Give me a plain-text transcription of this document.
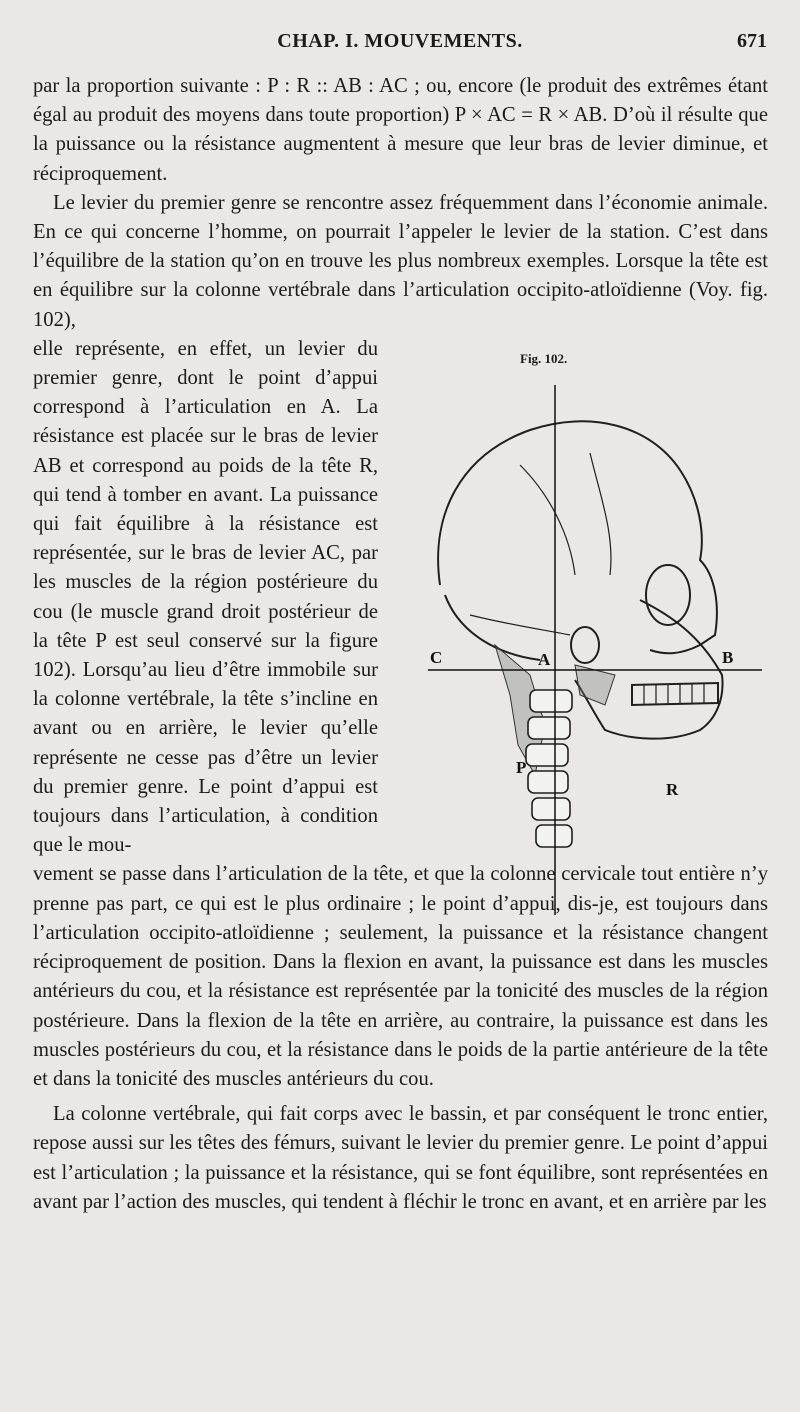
CHAP. I. MOUVEMENTS.	671

par la proportion suivante : P : R :: AB : AC ; ou, encore (le produit des extrêmes étant égal au produit des moyens dans toute proportion) P × AC = R × AB. D’où il résulte que la puissance ou la résistance augmentent à mesure que leur bras de levier diminue, et réciproquement.

Le levier du premier genre se rencontre assez fréquemment dans l’économie animale. En ce qui concerne l’homme, on pourrait l’appeler le levier de la station. C’est dans l’équilibre de la station qu’on en trouve les plus nombreux exemples. Lorsque la tête est en équilibre sur la colonne vertébrale dans l’articulation occipito-atloïdienne (Voy. fig. 102),

elle représente, en effet, un levier du premier genre, dont le point d’appui correspond à l’articulation en A. La résistance est placée sur le bras de levier AB et correspond au poids de la tête R, qui tend à tomber en avant. La puissance qui fait équilibre à la résistance est représentée, sur le bras de levier AC, par les muscles de la région postérieure du cou (le muscle grand droit postérieur de la tête P est seul conservé sur la figure 102). Lorsqu’au lieu d’être immobile sur la colonne vertébrale, la tête s’incline en avant ou en arrière, le levier qu’elle représente ne cesse pas d’être un levier du premier genre. Le point d’appui est toujours dans l’articulation, à condition que le mou-

vement se passe dans l’articulation de la tête, et que la colonne cervicale tout entière n’y prenne pas part, ce qui est le plus ordinaire ; le point d’appui, dis-je, est toujours dans l’articulation occipito-atloïdienne ; seulement, la puissance et la résistance changent réciproquement de position. Dans la flexion en avant, la puissance est dans les muscles antérieurs du cou, et la résistance est représentée par la tonicité des muscles de la région postérieure. Dans la flexion de la tête en arrière, au contraire, la puissance est dans les muscles postérieurs du cou, et la résistance dans le poids de la partie antérieure de la tête et dans la tonicité des muscles antérieurs du cou.

La colonne vertébrale, qui fait corps avec le bassin, et par conséquent le tronc entier, repose aussi sur les têtes des fémurs, suivant le levier du premier genre. Le point d’appui est l’articulation ; la puissance et la résistance, qui se font équilibre, sont représentées en avant par l’action des muscles, qui tendent à fléchir le tronc en avant, et en arrière par les

Fig. 102.
C	A	B
P
R
